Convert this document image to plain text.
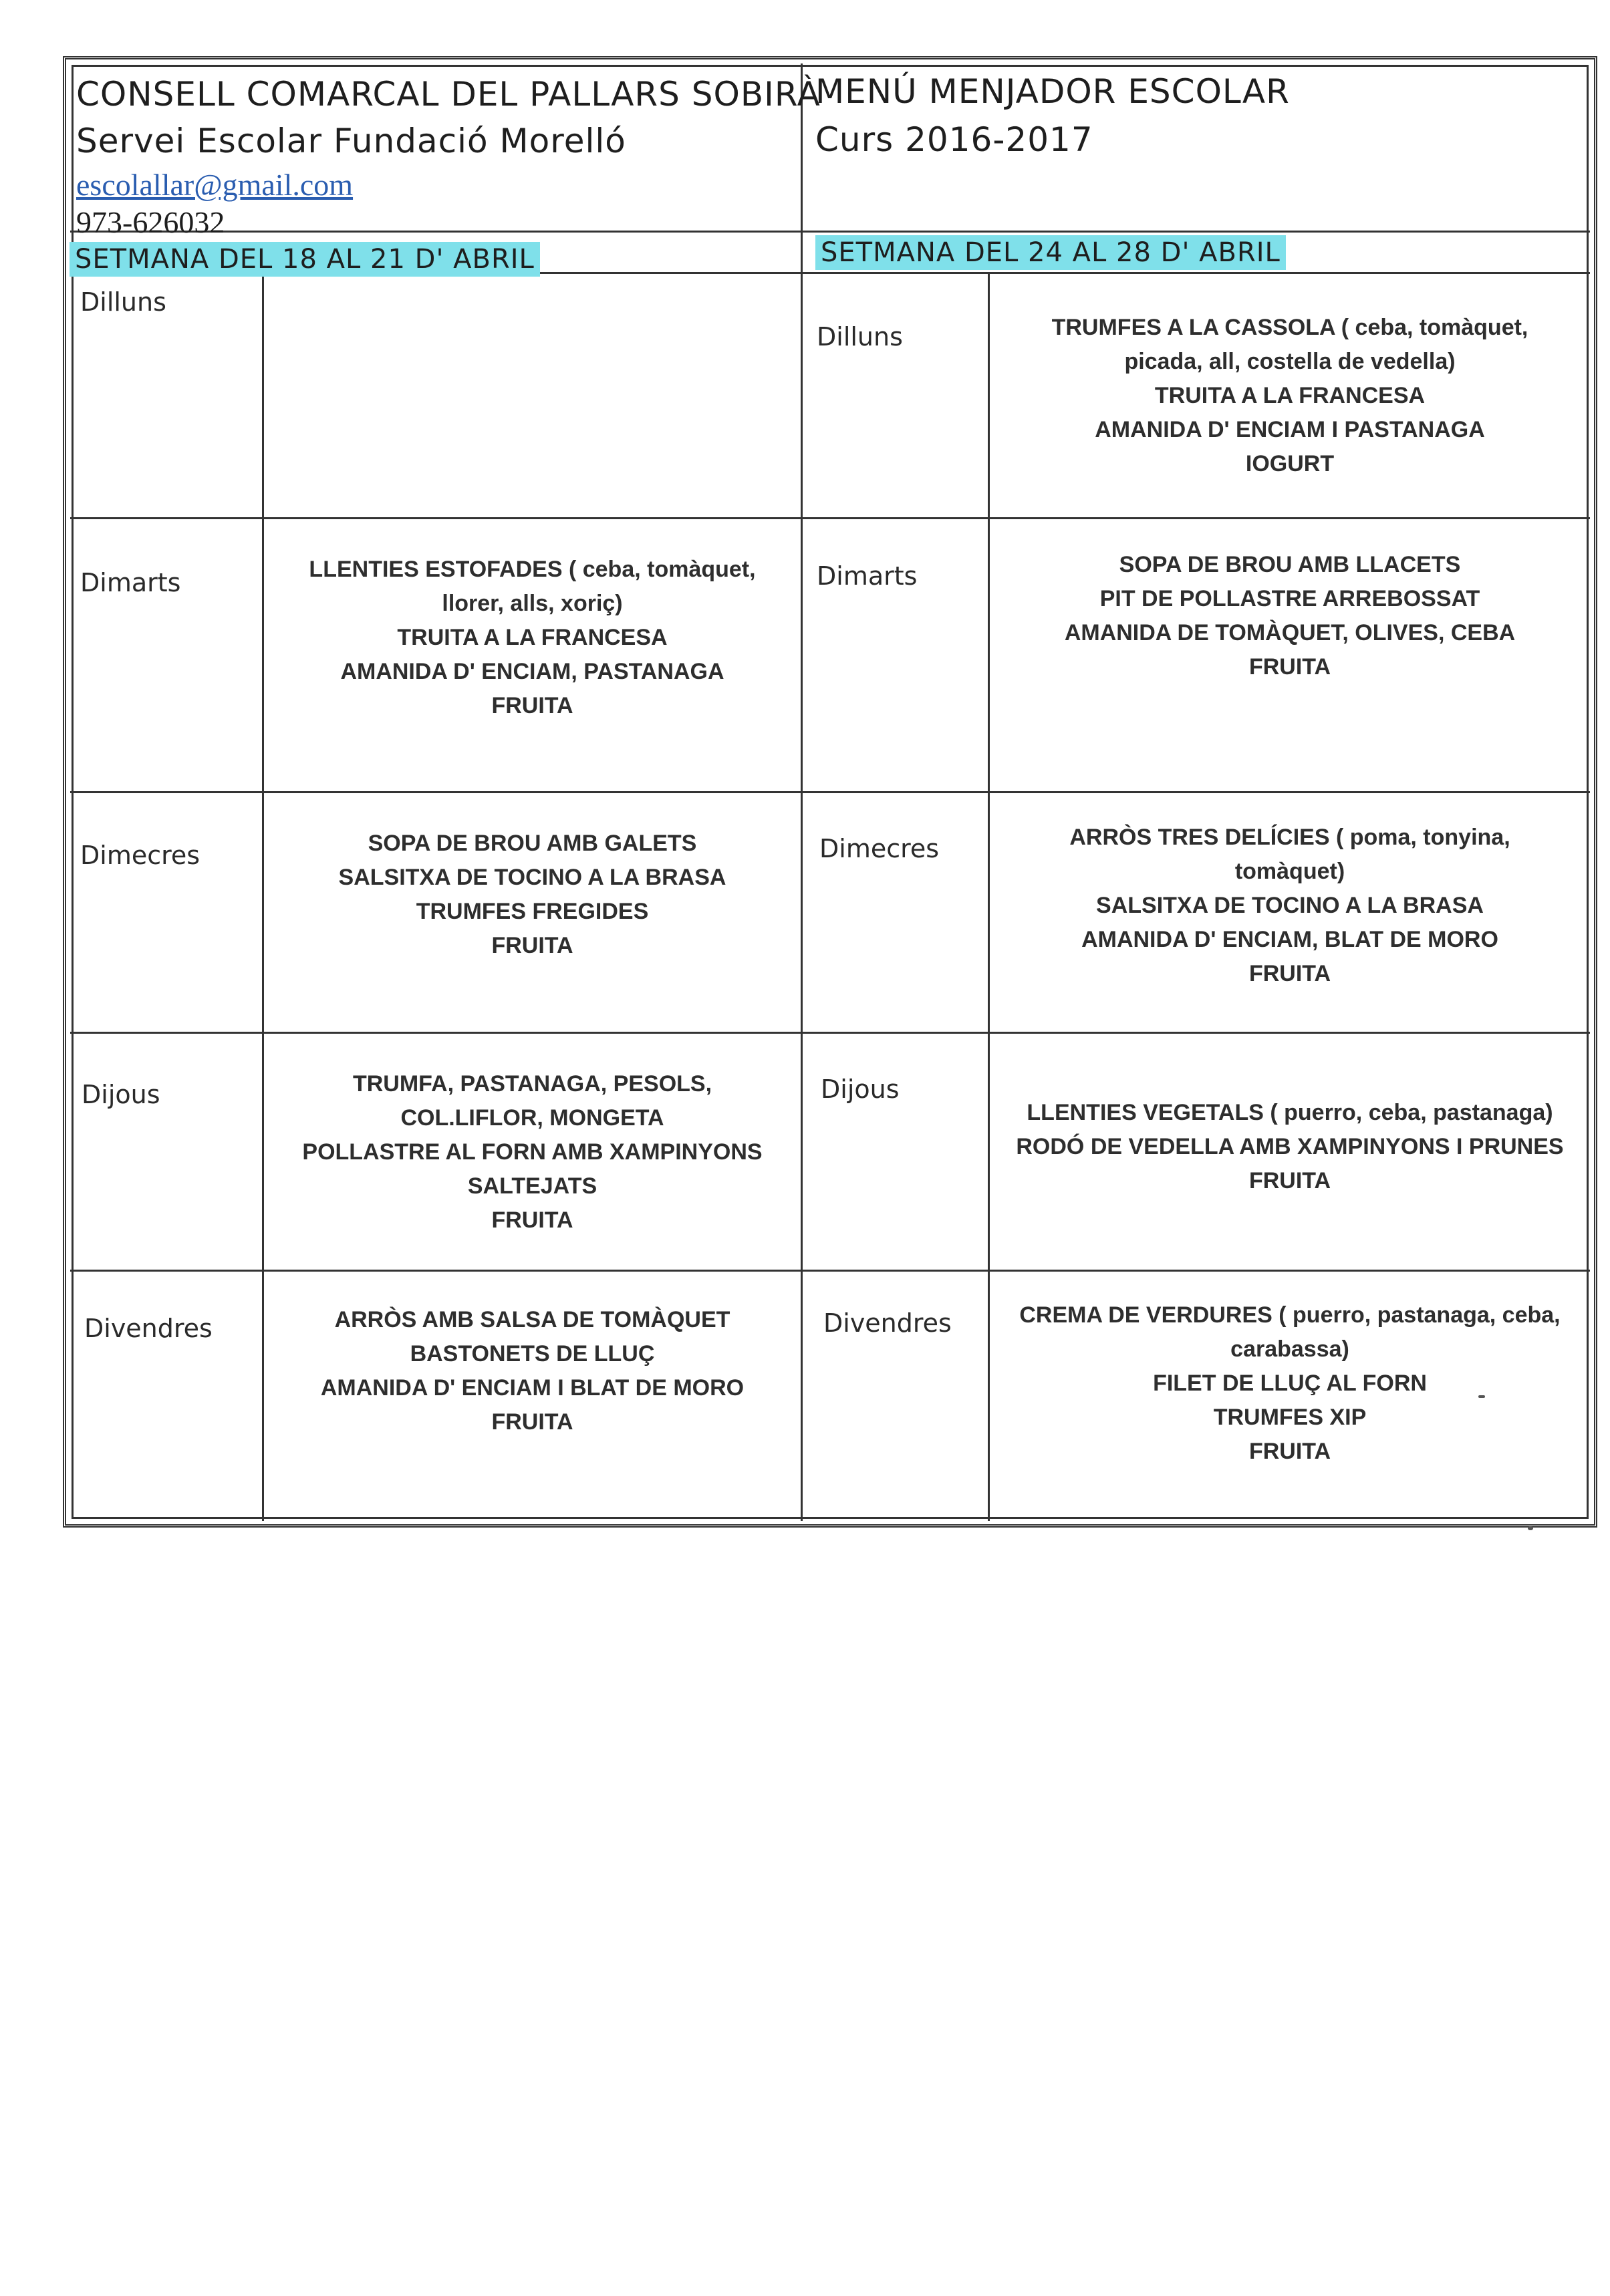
CONSELL COMARCAL DEL PALLARS SOBIRÀ
Servei Escolar Fundació Morelló
escolallar@gmail.com
973-626032
MENÚ MENJADOR ESCOLAR
Curs 2016-2017
SETMANA DEL 18 AL 21 D' ABRIL	SETMANA DEL 24 AL 28 D' ABRIL
Dilluns
Dimarts
Dimecres
Dijous
Divendres
LLENTIES ESTOFADES ( ceba, tomàquet,
llorer, alls, xoriç)
TRUITA A LA FRANCESA
AMANIDA D' ENCIAM, PASTANAGA
FRUITA
SOPA DE BROU AMB GALETS
SALSITXA DE TOCINO A LA BRASA
TRUMFES FREGIDES
FRUITA
TRUMFA, PASTANAGA, PESOLS,
COL.LIFLOR, MONGETA
POLLASTRE AL FORN AMB XAMPINYONS
SALTEJATS
FRUITA
ARRÒS AMB SALSA DE TOMÀQUET
BASTONETS DE LLUÇ
AMANIDA D' ENCIAM I BLAT DE MORO
FRUITA
Dilluns
Dimarts
Dimecres
Dijous
Divendres
TRUMFES A LA CASSOLA ( ceba, tomàquet,
picada, all, costella de vedella)
TRUITA A LA FRANCESA
AMANIDA D' ENCIAM I PASTANAGA
IOGURT
SOPA DE BROU AMB LLACETS
PIT DE POLLASTRE ARREBOSSAT
AMANIDA DE TOMÀQUET, OLIVES, CEBA
FRUITA
ARRÒS TRES DELÍCIES ( poma, tonyina,
tomàquet)
SALSITXA DE TOCINO A LA BRASA
AMANIDA D' ENCIAM, BLAT DE MORO
FRUITA
LLENTIES VEGETALS ( puerro, ceba, pastanaga)
RODÓ DE VEDELLA AMB XAMPINYONS I PRUNES
FRUITA
CREMA DE VERDURES ( puerro, pastanaga, ceba,
carabassa)
FILET DE LLUÇ AL FORN
TRUMFES XIP
FRUITA
